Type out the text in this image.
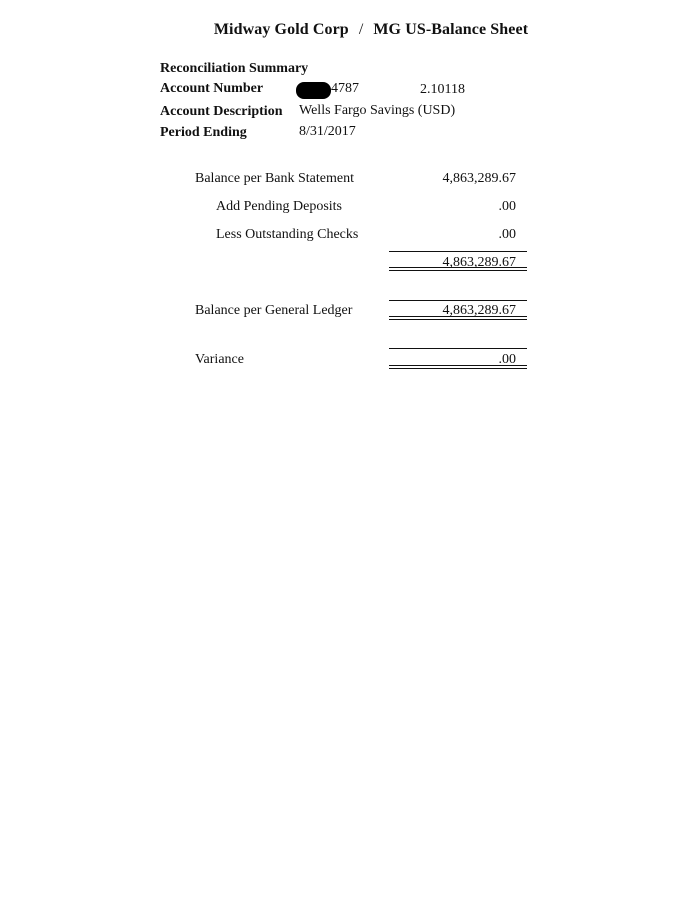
Midway Gold Corp / MG US-Balance Sheet
Reconciliation Summary
Account Number	4787	2.10118
Account Description Wells Fargo Savings (USD)
Period Ending	8/31/2017
Balance per Bank Statement	4,863,289.67
Add Pending Deposits	.00
Less Outstanding Checks	.00
4,863,289.67
Balance per General Ledger	4,863,289.67
Variance	.00
